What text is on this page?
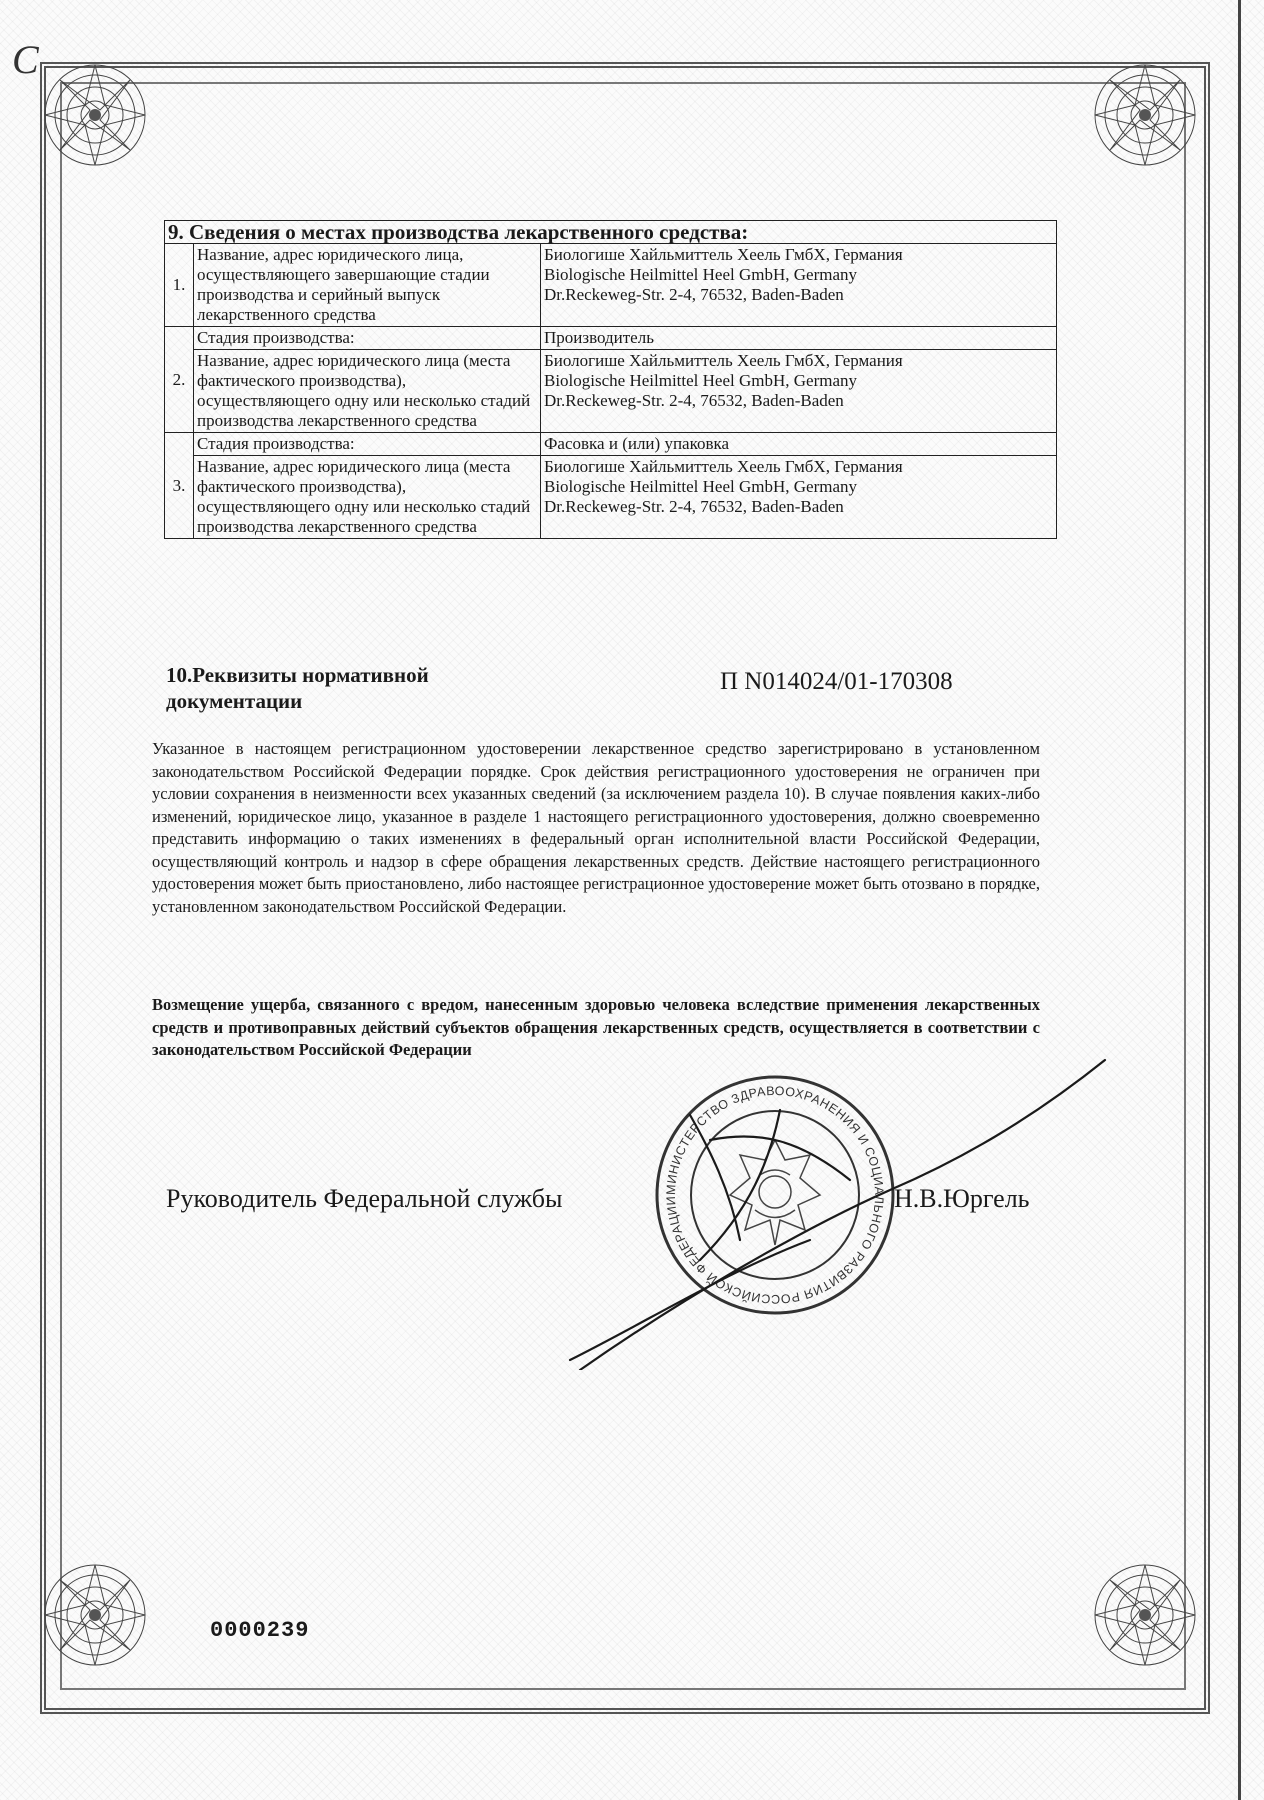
С
9. Сведения о местах производства лекарственного средства:		
1.	Название, адрес юридического лица, осуществляющего завершающие стадии производства и серийный выпуск лекарственного средства	Биологише Хайльмиттель Хеель ГмбХ, Германия
Biologische Heilmittel Heel GmbH, Germany
Dr.Reckeweg-Str. 2-4, 76532, Baden-Baden

2.	Стадия производства:	Производитель
	Название, адрес юридического лица (места фактического производства), осуществляющего одну или несколько стадий производства лекарственного средства	Биологише Хайльмиттель Хеель ГмбХ, Германия
Biologische Heilmittel Heel GmbH, Germany
Dr.Reckeweg-Str. 2-4, 76532, Baden-Baden

3.	Стадия производства:	Фасовка и (или) упаковка
	Название, адрес юридического лица (места фактического производства), осуществляющего одну или несколько стадий производства лекарственного средства	Биологише Хайльмиттель Хеель ГмбХ, Германия
Biologische Heilmittel Heel GmbH, Germany
Dr.Reckeweg-Str. 2-4, 76532, Baden-Baden
10.Реквизиты нормативной документации
П N014024/01-170308
Указанное в настоящем регистрационном удостоверении лекарственное средство зарегистрировано в установленном законодательством Российской Федерации порядке. Срок действия регистрационного удостоверения не ограничен при условии сохранения в неизменности всех указанных сведений (за исключением раздела 10). В случае появления каких-либо изменений, юридическое лицо, указанное в разделе 1 настоящего регистрационного удостоверения, должно своевременно представить информацию о таких изменениях в федеральный орган исполнительной власти Российской Федерации, осуществляющий контроль и надзор в сфере обращения лекарственных средств. Действие настоящего регистрационного удостоверения может быть приостановлено, либо настоящее регистрационное удостоверение может быть отозвано в порядке, установленном законодательством Российской Федерации.
Возмещение ущерба, связанного с вредом, нанесенным здоровью человека вследствие применения лекарственных средств и противоправных действий субъектов обращения лекарственных средств, осуществляется в соответствии с законодательством Российской Федерации
Руководитель Федеральной службы	Н.В.Юргель
МИНИСТЕРСТВО ЗДРАВООХРАНЕНИЯ И СОЦИАЛЬНОГО РАЗВИТИЯ РОССИЙСКОЙ ФЕДЕРАЦИИ
0000239
